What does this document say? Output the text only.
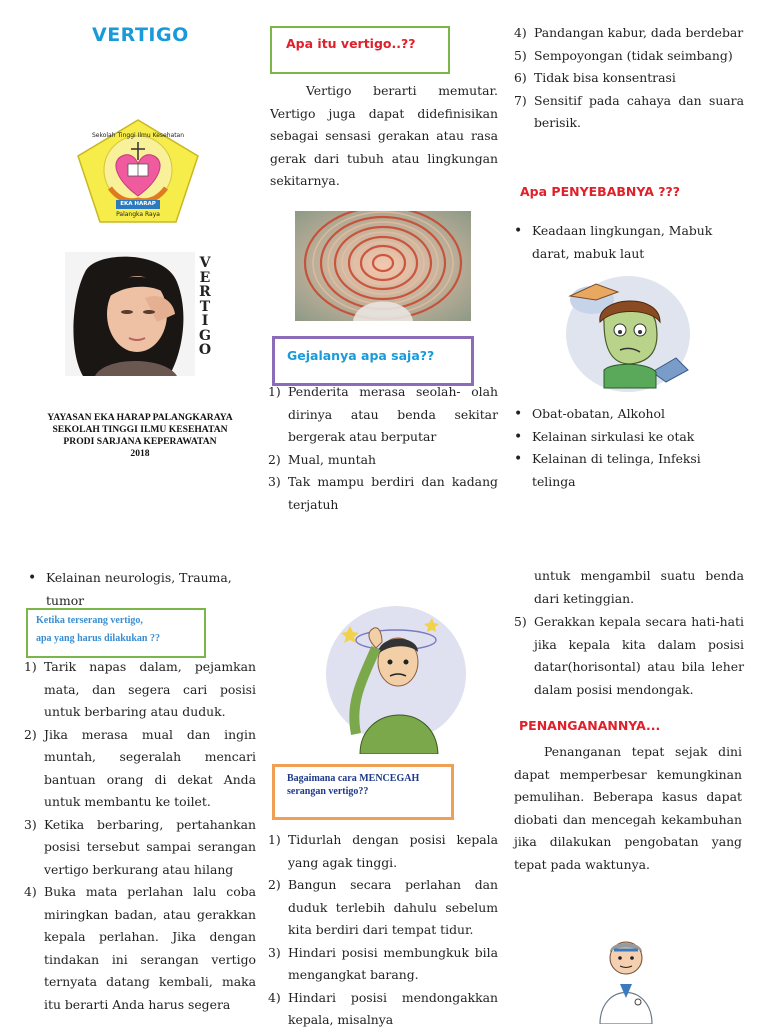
VERTIGO
Sekolah Tinggi Ilmu Kesehatan
EKA HARAP
Palangka Raya
V
E
R
T
I
G
O
YAYASAN EKA HARAP PALANGKARAYA
SEKOLAH TINGGI ILMU KESEHATAN
PRODI SARJANA KEPERAWATAN
2018
Apa itu vertigo..??
Vertigo berarti memutar. Vertigo juga dapat didefinisikan sebagai sensasi gerakan atau rasa gerak dari tubuh atau lingkungan sekitarnya.
Gejalanya apa saja??
1) Penderita merasa seolah- olah dirinya atau benda sekitar bergerak atau berputar
2) Mual, muntah
3) Tak mampu berdiri dan kadang terjatuh
4) Pandangan kabur, dada berdebar
5) Sempoyongan (tidak seimbang)
6) Tidak bisa konsentrasi
7) Sensitif pada cahaya dan suara berisik.
Apa PENYEBABNYA ???
• Keadaan lingkungan, Mabuk darat, mabuk laut
• Obat-obatan, Alkohol
• Kelainan sirkulasi ke otak
• Kelainan di telinga, Infeksi telinga
• Kelainan neurologis, Trauma, tumor
Ketika terserang vertigo,
apa yang harus dilakukan ??
1) Tarik napas dalam, pejamkan mata, dan segera cari posisi untuk berbaring atau duduk.
2) Jika merasa mual dan ingin muntah, segeralah mencari bantuan orang di dekat Anda untuk membantu ke toilet.
3) Ketika berbaring, pertahankan posisi tersebut sampai serangan vertigo berkurang atau hilang
4) Buka mata perlahan lalu coba miringkan badan, atau gerakkan kepala perlahan. Jika dengan tindakan ini serangan vertigo ternyata datang kembali, maka itu berarti Anda harus segera
Bagaimana cara MENCEGAH
serangan vertigo??
1) Tidurlah dengan posisi kepala yang agak tinggi.
2) Bangun secara perlahan dan duduk terlebih dahulu sebelum kita berdiri dari tempat tidur.
3) Hindari posisi membungkuk bila mengangkat barang.
4) Hindari posisi mendongakkan kepala, misalnya
untuk mengambil suatu benda dari ketinggian.
5) Gerakkan kepala secara hati-hati jika kepala kita dalam posisi datar(horisontal) atau bila leher dalam posisi mendongak.
PENANGANANNYA...
Penanganan tepat sejak dini dapat memperbesar kemungkinan pemulihan. Beberapa kasus dapat diobati dan mencegah kekambuhan jika dilakukan pengobatan yang tepat pada waktunya.
